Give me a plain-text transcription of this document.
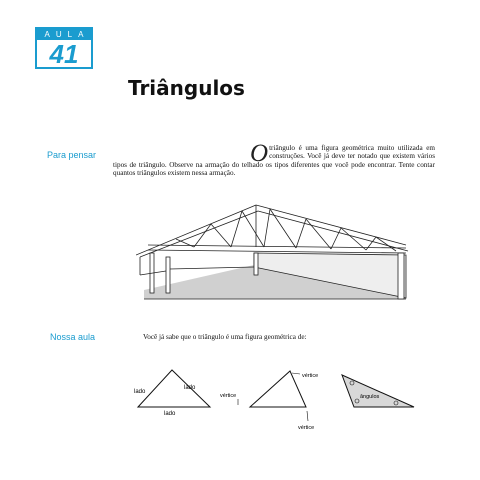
AULA
41
Triângulos
Para pensar	Otriângulo é uma figura geométrica muito utilizada em construções. Você já deve ter notado que existem vários tipos de triângulo. Observe na armação do telhado os tipos diferentes que você pode encontrar. Tente contar quantos triângulos existem nessa armação.
Nossa aula	Você já sabe que o triângulo é uma figura geométrica de:
lado
lado
lado
vértice
vértice
vértice
ângulos
